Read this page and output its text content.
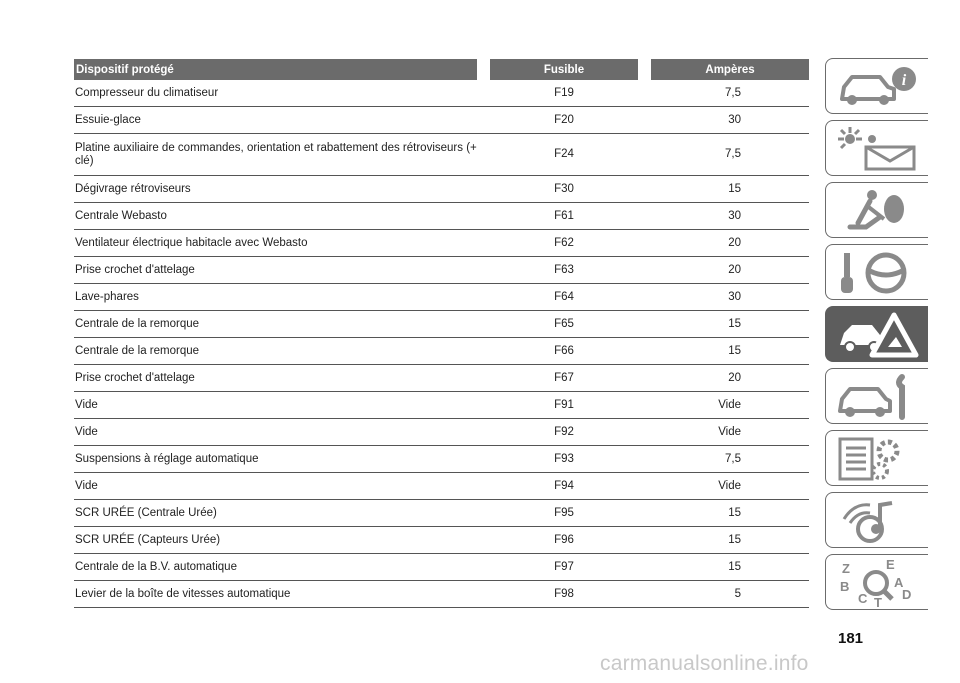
Dispositif protégé		Fusible		Ampères
Compresseur du climatiseur		F19		7,5
Essuie-glace		F20		30
Platine auxiliaire de commandes, orientation et rabattement des rétroviseurs (+ clé)		F24		7,5
Dégivrage rétroviseurs		F30		15
Centrale Webasto		F61		30
Ventilateur électrique habitacle avec Webasto		F62		20
Prise crochet d'attelage		F63		20
Lave-phares		F64		30
Centrale de la remorque		F65		15
Centrale de la remorque		F66		15
Prise crochet d'attelage		F67		20
Vide		F91		Vide
Vide		F92		Vide
Suspensions à réglage automatique		F93		7,5
Vide		F94		Vide
SCR URÉE (Centrale Urée)		F95		15
SCR URÉE (Capteurs Urée)		F96		15
Centrale de la B.V. automatique		F97		15
Levier de la boîte de vitesses automatique		F98		5
i
Z	E
B	A
C T
D
181
carmanualsonline.info
